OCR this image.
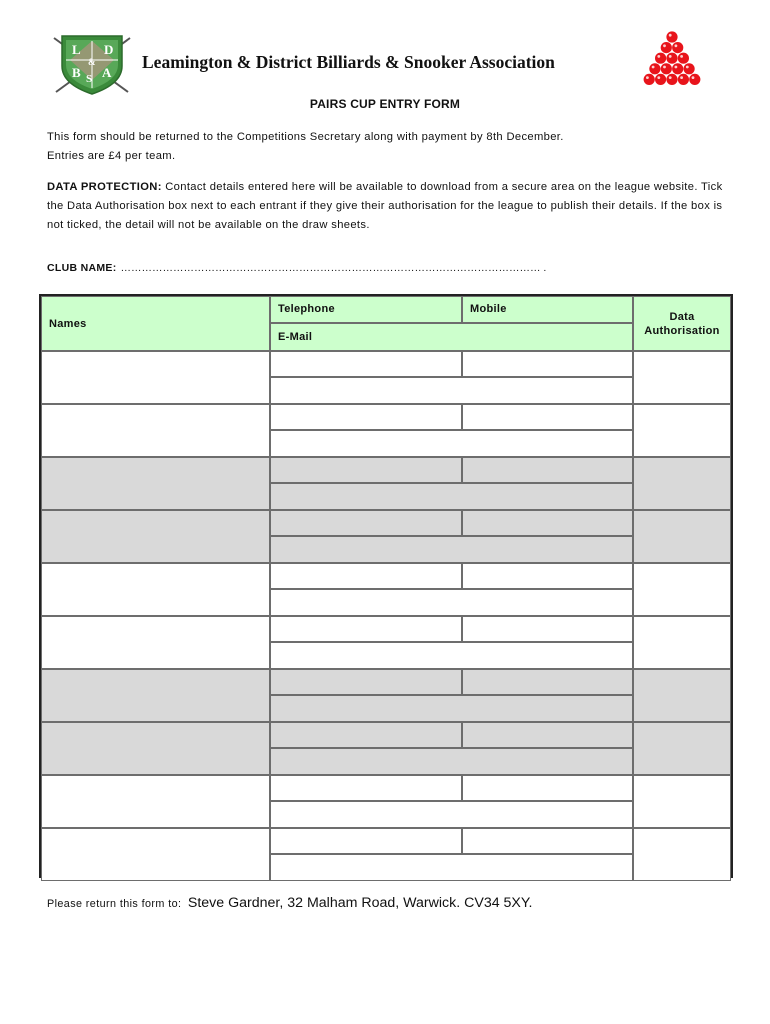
L D
&
B S A
Leamington & District Billiards & Snooker Association
PAIRS CUP ENTRY FORM
This form should be returned to the Competitions Secretary along with payment by 8th December.
Entries are £4 per team.
DATA PROTECTION: Contact details entered here will be available to download from a secure area on the league website. Tick the Data Authorisation box next to each entrant if they give their authorisation for the league to publish their details. If the box is not ticked, the detail will not be available on the draw sheets.
CLUB NAME: ………………………………………………………………………………………………………… .
Names
Telephone	Mobile
E-Mail
Data
Authorisation
Please return this form to: Steve Gardner, 32 Malham Road, Warwick. CV34 5XY.
